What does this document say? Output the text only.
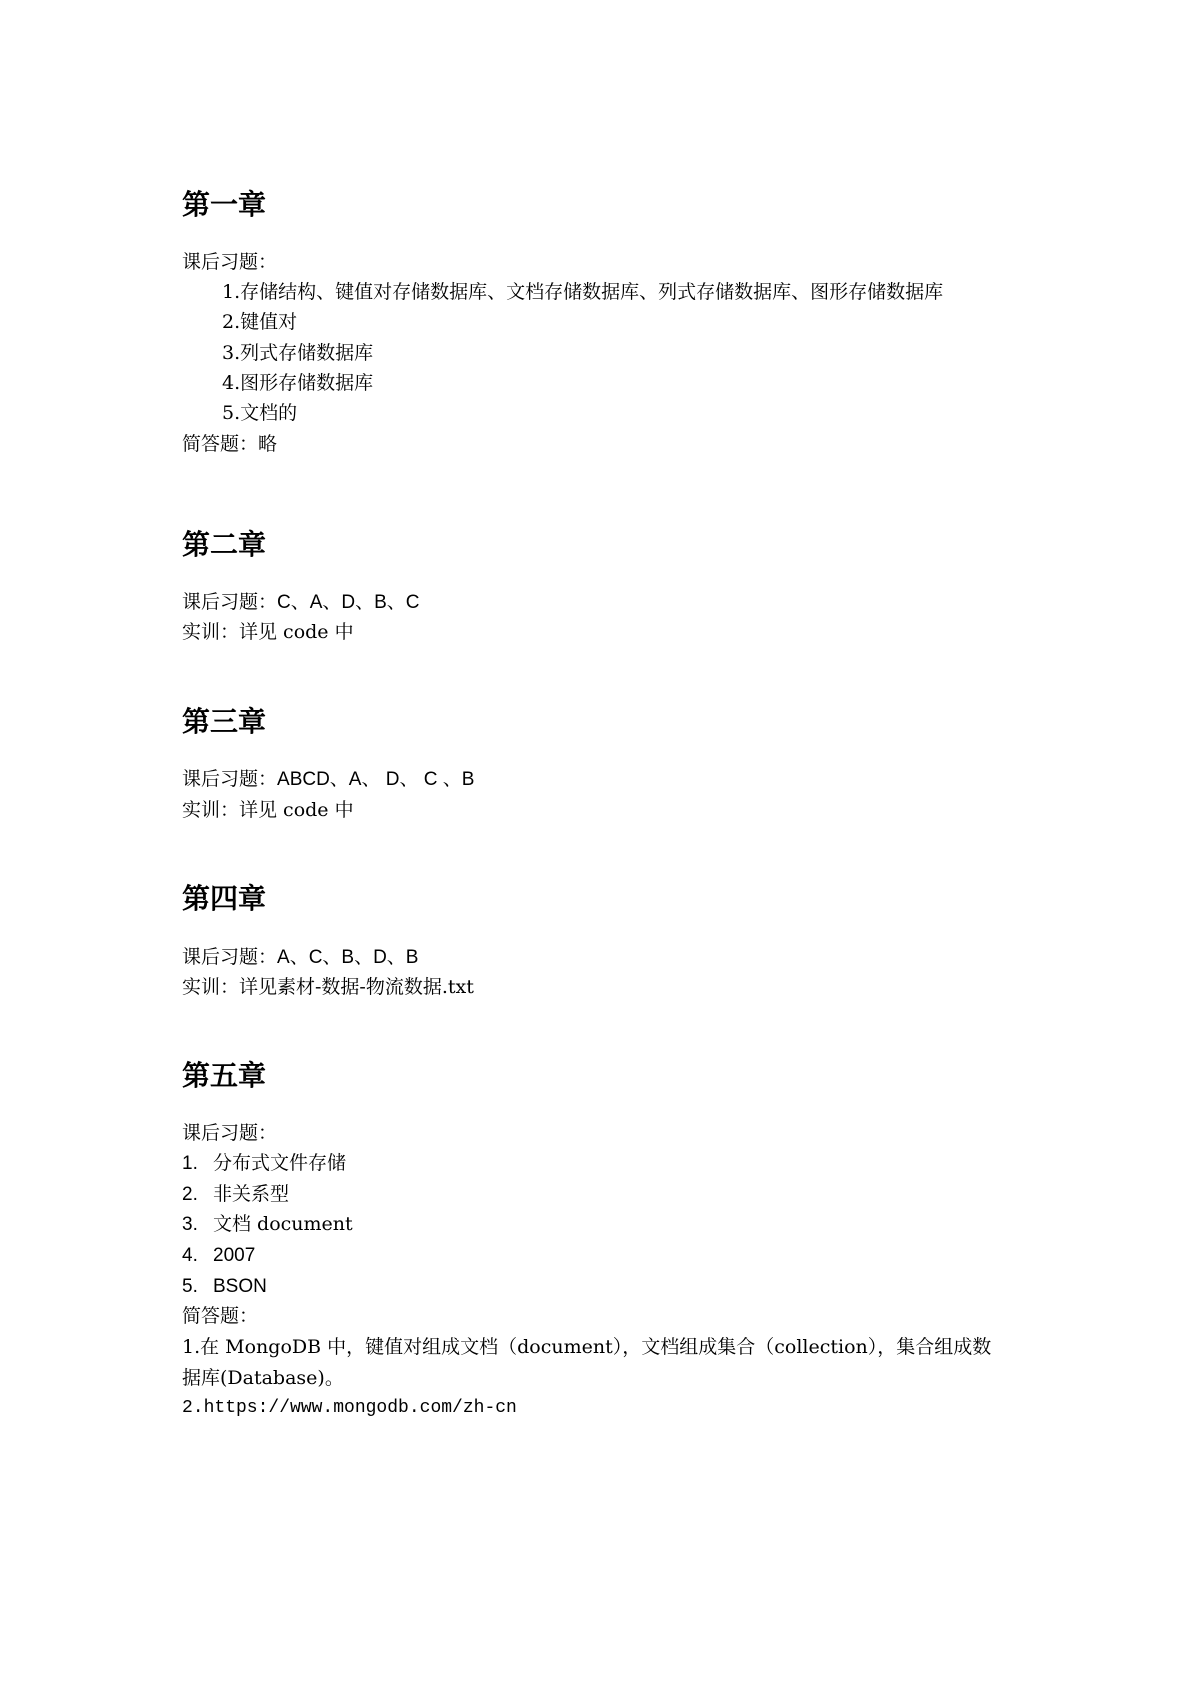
第一章
课后习题：
1.存储结构、键值对存储数据库、文档存储数据库、列式存储数据库、图形存储数据库
2.键值对
3.列式存储数据库
4.图形存储数据库
5.文档的
简答题：略
第二章
课后习题：C、A、D、B、C
实训：详见 code 中
第三章
课后习题：ABCD、A、 D、 C 、B
实训：详见 code 中
第四章
课后习题：A、C、B、D、B
实训：详见素材-数据-物流数据.txt
第五章
课后习题：
1. 分布式文件存储
2. 非关系型
3. 文档 document
4. 2007
5. BSON
简答题：
1.在 MongoDB 中，键值对组成文档（document），文档组成集合（collection），集合组成数
据库(Database)。
2.https://www.mongodb.com/zh-cn
